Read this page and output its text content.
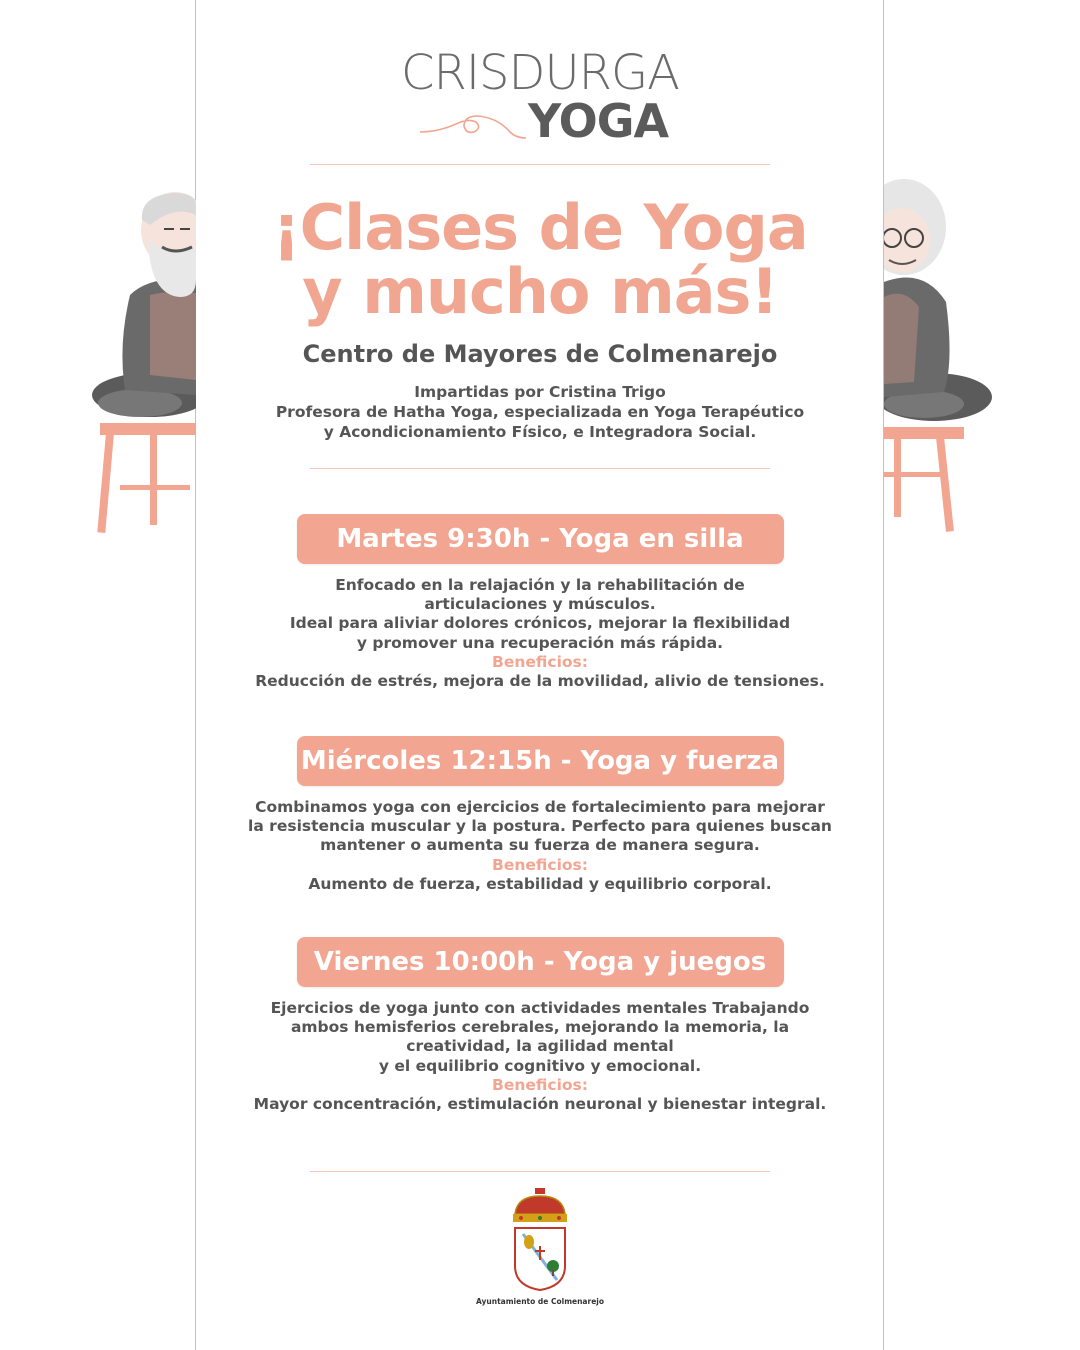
CRISDURGA
YOGA
¡Clases de Yoga
y mucho más!
Centro de Mayores de Colmenarejo
Impartidas por Cristina Trigo
Profesora de Hatha Yoga, especializada en Yoga Terapéutico
y Acondicionamiento Físico, e Integradora Social.
Martes 9:30h - Yoga en silla
Enfocado en la relajación y la rehabilitación de
articulaciones y músculos.
Ideal para aliviar dolores crónicos, mejorar la flexibilidad
y promover una recuperación más rápida.
Beneficios:
Reducción de estrés, mejora de la movilidad, alivio de tensiones.
Miércoles 12:15h - Yoga y fuerza
Combinamos yoga con ejercicios de fortalecimiento para mejorar
la resistencia muscular y la postura. Perfecto para quienes buscan
mantener o aumenta su fuerza de manera segura.
Beneficios:
Aumento de fuerza, estabilidad y equilibrio corporal.
Viernes 10:00h - Yoga y juegos
Ejercicios de yoga junto con actividades mentales Trabajando
ambos hemisferios cerebrales, mejorando la memoria, la
creatividad, la agilidad mental
y el equilibrio cognitivo y emocional.
Beneficios:
Mayor concentración, estimulación neuronal y bienestar integral.
Ayuntamiento de Colmenarejo
